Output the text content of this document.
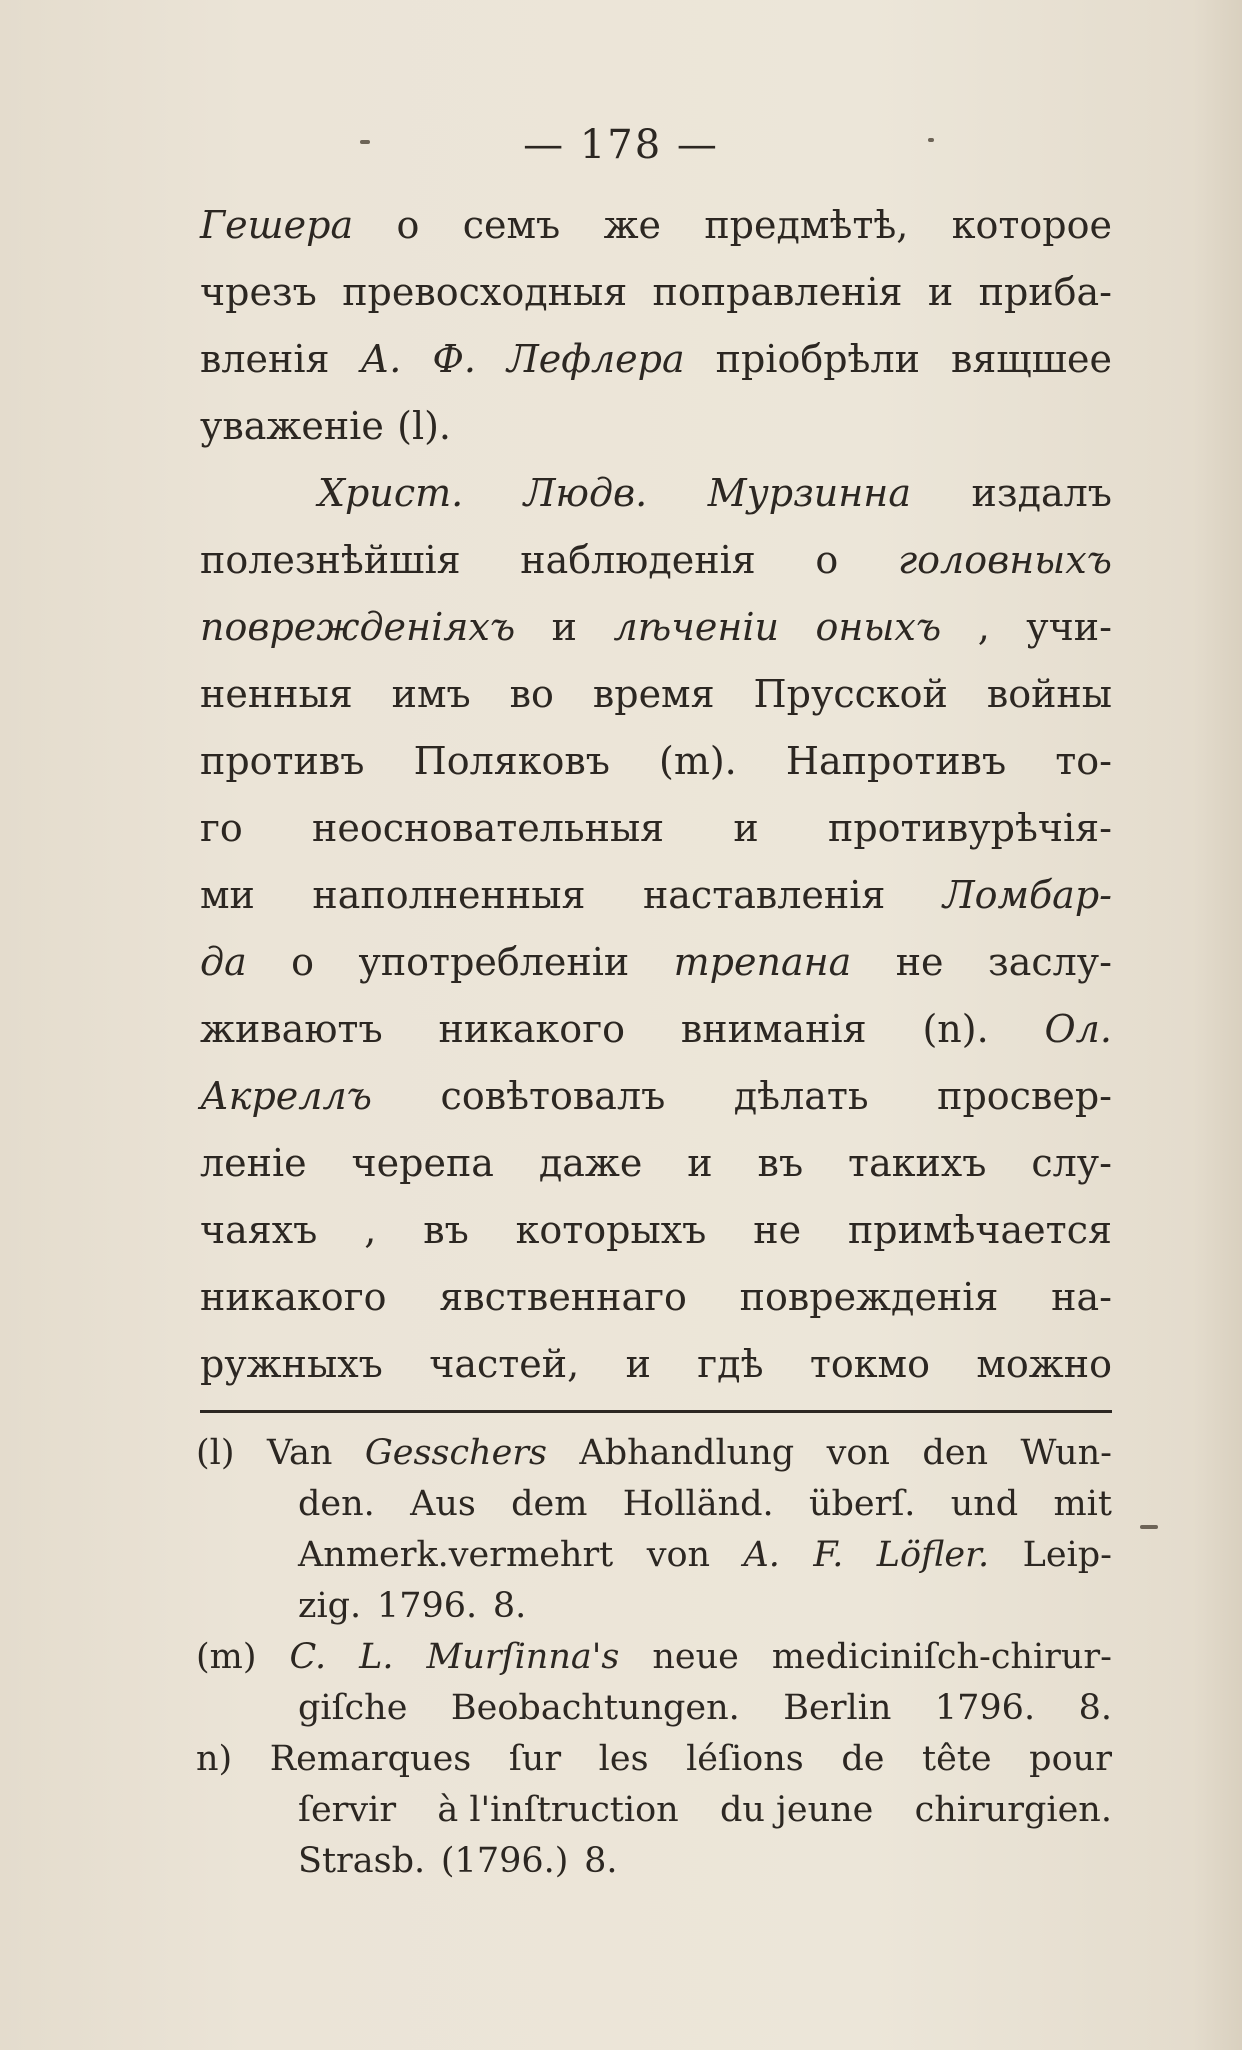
— 178 —
Гешера о семъ же предмѣтѣ, которое
чрезъ превосходныя поправленія и приба-
вленія А. Ф. Лефлера пріобрѣли вящшее
уваженіе (l).
Христ. Людв. Мурзинна издалъ
полезнѣйшія наблюденія о головныхъ
поврежденіяхъ и лѣченіи оныхъ , учи-
ненныя имъ во время Прусской войны
противъ Поляковъ (m). Напротивъ то-
го неосновательныя и противурѣчія-
ми наполненныя наставленія Ломбар-
да о употребленіи трепана не заслу-
живаютъ никакого вниманія (n). Ол.
Акреллъ совѣтовалъ дѣлать просвер-
леніе черепа даже и въ такихъ слу-
чаяхъ , въ которыхъ не примѣчается
никакого явственнаго поврежденія на-
ружныхъ частей, и гдѣ токмо можно
(l) Van Gesschers Abhandlung von den Wun-
den. Aus dem Holländ. überſ. und mit
Anmerk.vermehrt von A. F. Löfler. Leip-
zig. 1796. 8.
(m) C. L. Murſinna's neue mediciniſch-chirur-
giſche Beobachtungen. Berlin 1796. 8.
n) Remarques ſur les léſions de tête pour
ſervir à l'inſtruction du jeune chirurgien.
Strasb. (1796.) 8.
